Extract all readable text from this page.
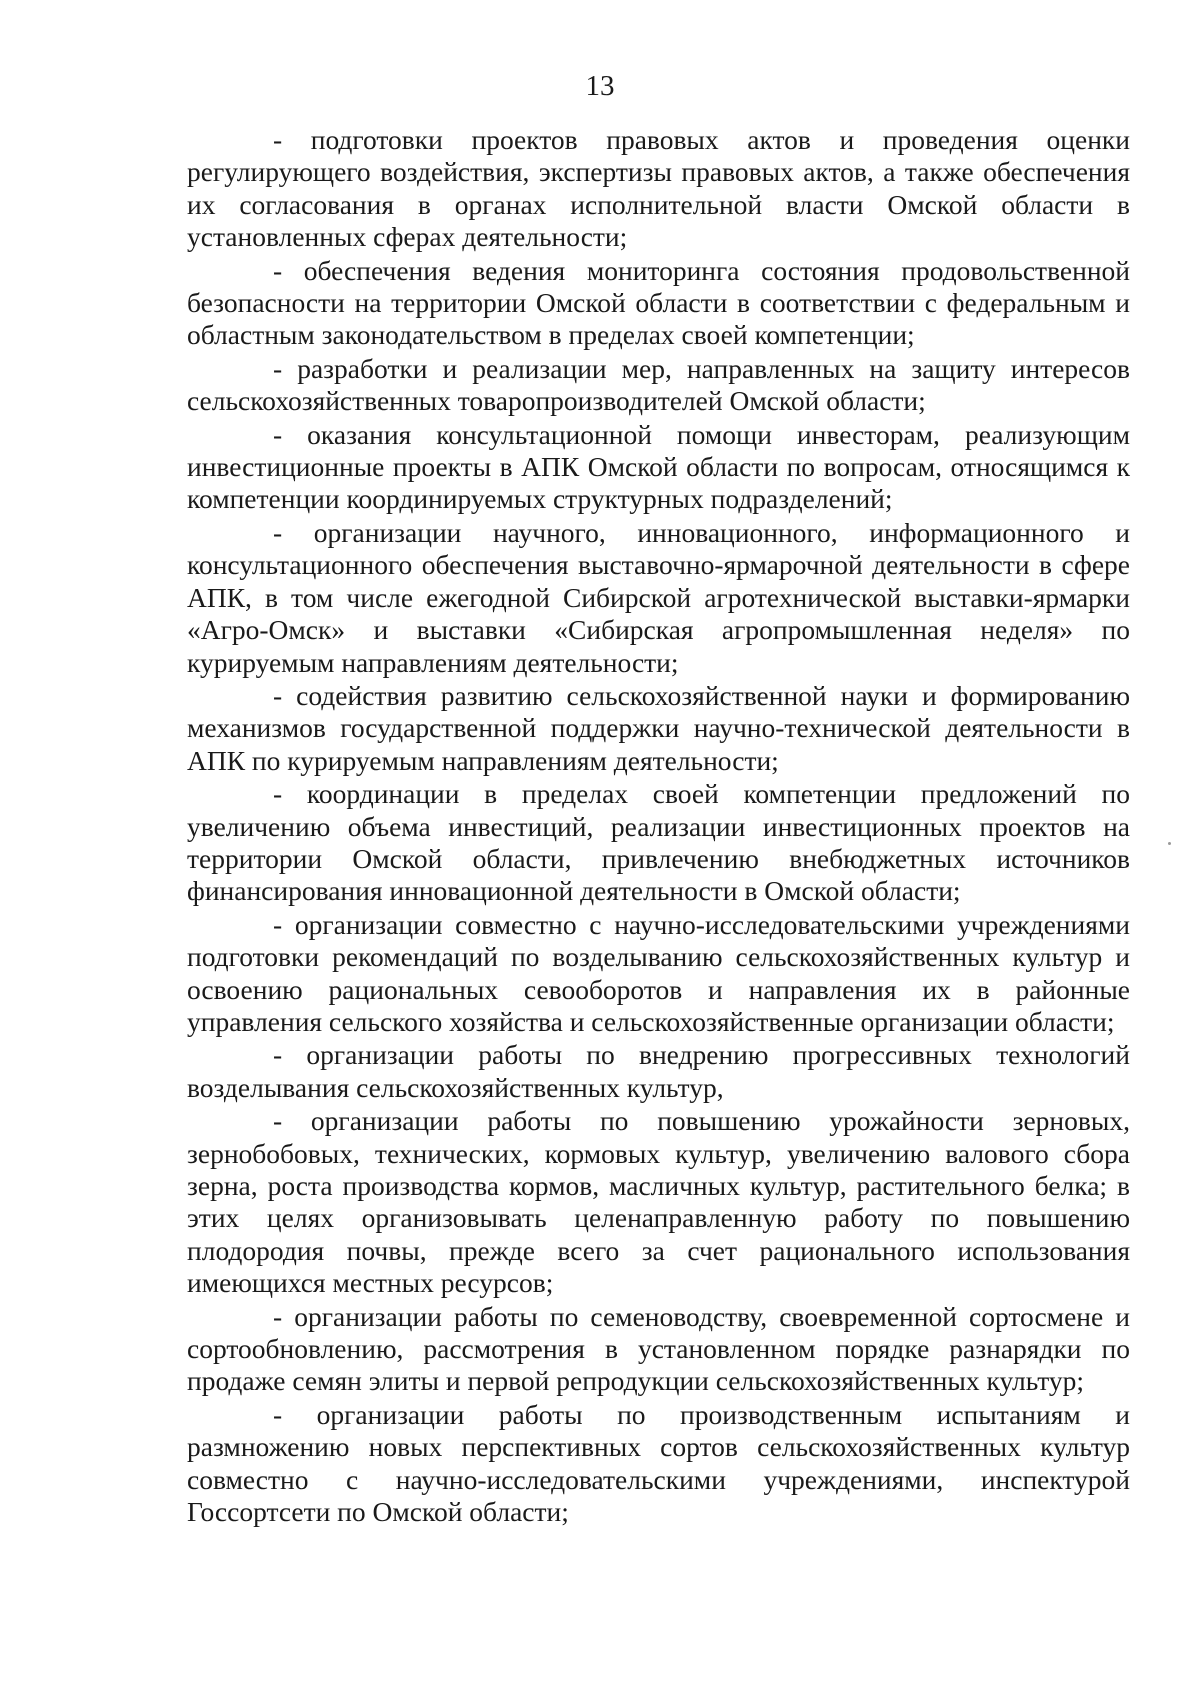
13

- подготовки проектов правовых актов и проведения оценки регулирующего воздействия, экспертизы правовых актов, а также обеспечения их согласования в органах исполнительной власти Омской области в установленных сферах деятельности;

- обеспечения ведения мониторинга состояния продовольственной безопасности на территории Омской области в соответствии с федеральным и областным законодательством в пределах своей компетенции;

- разработки и реализации мер, направленных на защиту интересов сельскохозяйственных товаропроизводителей Омской области;

- оказания консультационной помощи инвесторам, реализующим инвестиционные проекты в АПК Омской области по вопросам, относящимся к компетенции координируемых структурных подразделений;

- организации научного, инновационного, информационного и консультационного обеспечения выставочно-ярмарочной деятельности в сфере АПК, в том числе ежегодной Сибирской агротехнической выставки-ярмарки «Агро-Омск» и выставки «Сибирская агропромышленная неделя» по курируемым направлениям деятельности;

- содействия развитию сельскохозяйственной науки и формированию механизмов государственной поддержки научно-технической деятельности в АПК по курируемым направлениям деятельности;

- координации в пределах своей компетенции предложений по увеличению объема инвестиций, реализации инвестиционных проектов на территории Омской области, привлечению внебюджетных источников финансирования инновационной деятельности в Омской области;

- организации совместно с научно-исследовательскими учреждениями подготовки рекомендаций по возделыванию сельскохозяйственных культур и освоению рациональных севооборотов и направления их в районные управления сельского хозяйства и сельскохозяйственные организации области;

- организации работы по внедрению прогрессивных технологий возделывания сельскохозяйственных культур,

- организации работы по повышению урожайности зерновых, зернобобовых, технических, кормовых культур, увеличению валового сбора зерна, роста производства кормов, масличных культур, растительного белка; в этих целях организовывать целенаправленную работу по повышению плодородия почвы, прежде всего за счет рационального использования имеющихся местных ресурсов;

- организации работы по семеноводству, своевременной сортосмене и сортообновлению, рассмотрения в установленном порядке разнарядки по продаже семян элиты и первой репродукции сельскохозяйственных культур;

- организации работы по производственным испытаниям и размножению новых перспективных сортов сельскохозяйственных культур совместно с научно-исследовательскими учреждениями, инспектурой Госсортсети по Омской области;
